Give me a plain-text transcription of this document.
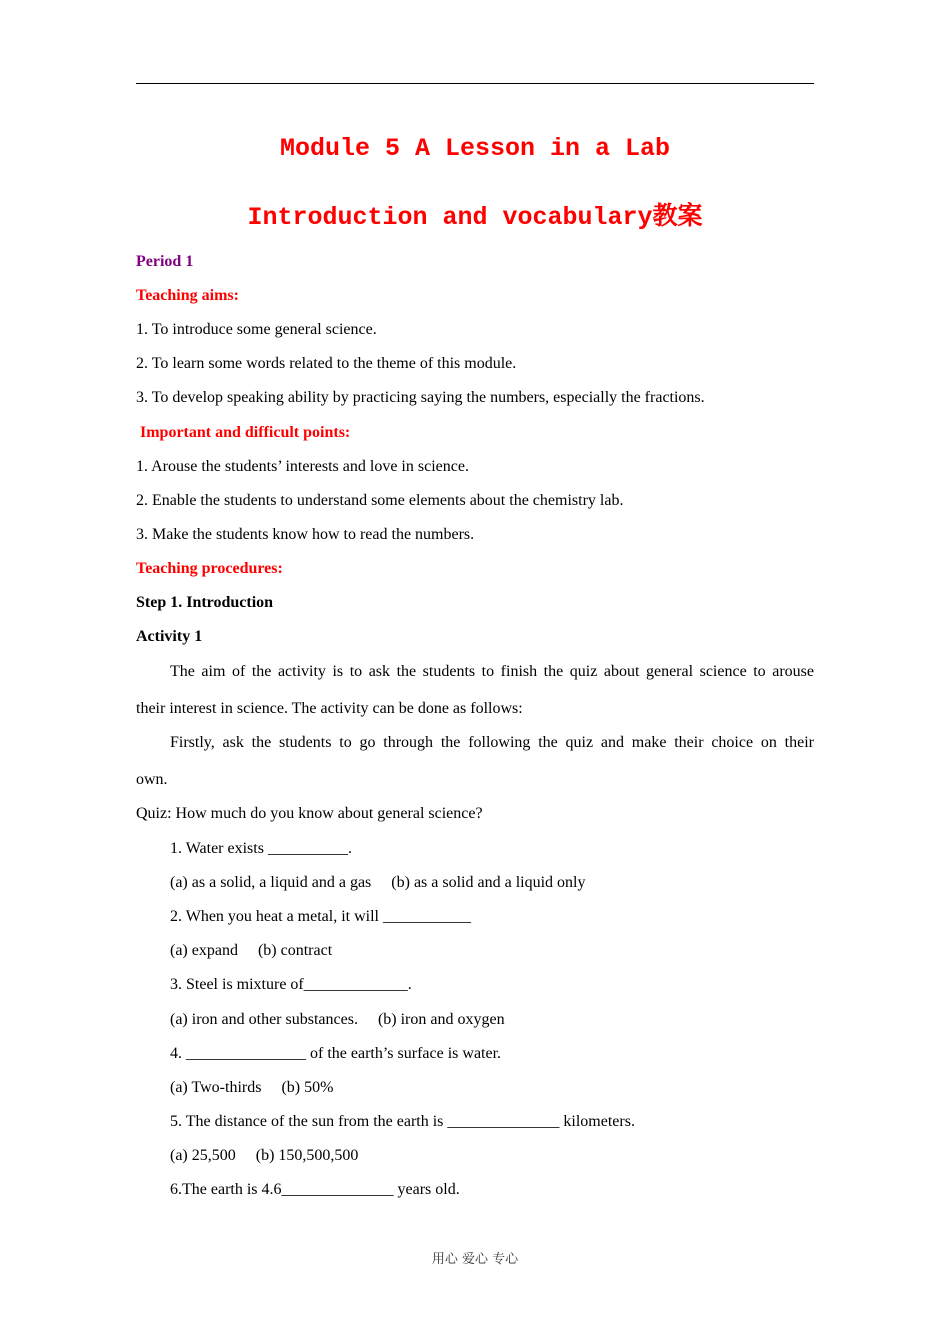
Module 5 A Lesson in a Lab
Introduction and vocabulary教案
Period 1
Teaching aims:
1. To introduce some general science.
2. To learn some words related to the theme of this module.
3. To develop speaking ability by practicing saying the numbers, especially the fractions.
Important and difficult points:
1. Arouse the students’ interests and love in science.
2. Enable the students to understand some elements about the chemistry lab.
3. Make the students know how to read the numbers.
Teaching procedures:
Step 1. Introduction
Activity 1
The aim of the activity is to ask the students to finish the quiz about general science to arouse
their interest in science. The activity can be done as follows:
Firstly, ask the students to go through the following the quiz and make their choice on their
own.
Quiz: How much do you know about general science?
1. Water exists __________.
(a) as a solid, a liquid and a gas (b) as a solid and a liquid only
2. When you heat a metal, it will ___________
(a) expand (b) contract
3. Steel is mixture of_____________.
(a) iron and other substances. (b) iron and oxygen
4. _______________ of the earth’s surface is water.
(a) Two-thirds (b) 50%
5. The distance of the sun from the earth is ______________ kilometers.
(a) 25,500 (b) 150,500,500
6.The earth is 4.6______________ years old.
用心 爱心 专心
